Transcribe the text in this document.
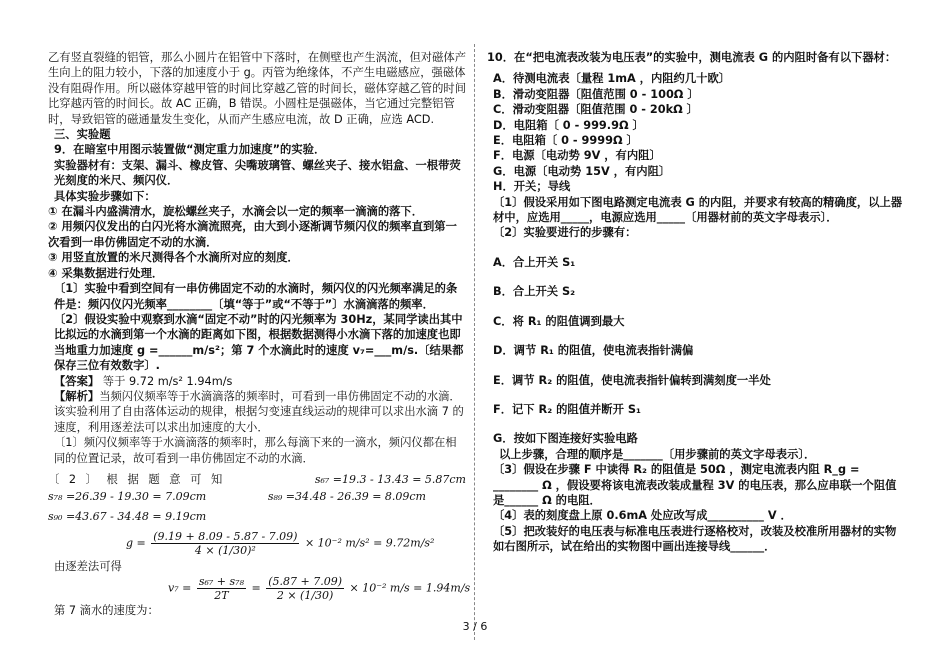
乙有竖直裂缝的铝管，那么小圆片在铝管中下落时，在侧壁也产生涡流，但对磁体产生向上的阻力较小，下落的加速度小于 g。丙管为绝缘体，不产生电磁感应，强磁体没有阻碍作用。所以磁体穿越甲管的时间比穿越乙管的时间长，磁体穿越乙管的时间比穿越丙管的时间长。故 AC 正确，B 错误。小圆柱是强磁体，当它通过完整铝管时，导致铝管的磁通量发生变化，从而产生感应电流，故 D 正确，应选 ACD.

三、实验题

9．在暗室中用图示装置做“测定重力加速度”的实验．

实验器材有：支架、漏斗、橡皮管、尖嘴玻璃管、螺丝夹子、接水铝盒、一根带荧光刻度的米尺、频闪仪．

具体实验步骤如下：

① 在漏斗内盛满清水，旋松螺丝夹子，水滴会以一定的频率一滴滴的落下．

② 用频闪仪发出的白闪光将水滴流照亮，由大到小逐渐调节频闪仪的频率直到第一次看到一串仿佛固定不动的水滴．

③ 用竖直放置的米尺测得各个水滴所对应的刻度．

④ 采集数据进行处理．

〔1〕实验中看到空间有一串仿佛固定不动的水滴时，频闪仪的闪光频率满足的条件是：频闪仪闪光频率________〔填“等于”或“不等于”〕水滴滴落的频率．

〔2〕假设实验中观察到水滴“固定不动”时的闪光频率为 30Hz，某同学读出其中比拟远的水滴到第一个水滴的距离如下图，根据数据测得小水滴下落的加速度也即当地重力加速度 g =______m/s²；第 7 个水滴此时的速度 v₇=___m/s.〔结果都保存三位有效数字〕.

【答案】 等于 9.72 m/s² 1.94m/s

【解析】当频闪仪频率等于水滴滴落的频率时，可看到一串仿佛固定不动的水滴．该实验利用了自由落体运动的规律，根据匀变速直线运动的规律可以求出水滴 7 的速度，利用逐差法可以求出加速度的大小．

〔1〕频闪仪频率等于水滴滴落的频率时，那么每滴下来的一滴水，频闪仪都在相同的位置记录，故可看到一串仿佛固定不动的水滴．

〔 2 〕 根 据 题 意 可 知	s₆₇ =19.3 - 13.43 = 5.87cm
s₇₈ =26.39 - 19.30 = 7.09cm	s₈₉ =34.48 - 26.39 = 8.09cm
s₉₀ =43.67 - 34.48 = 9.19cm
$g = \frac{(9.19 + 8.09 - 5.87 - 7.09)}{\text{4 × (1/30)²}} \times 10^{-2}$ m/s² = 9.72m/s²

由逐差法可得

$v_7 = \frac{\text{s₆₇ + s₇₈}}{2T} = \frac{(5.87 + 7.09)}{2 \times (1/30)} \times 10^{-2}$ m/s = 1.94m/s

第 7 滴水的速度为：

10．在“把电流表改装为电压表”的实验中，测电流表 G 的内阻时备有以下器材：

A．待测电流表〔量程 1mA ，内阻约几十欧〕

B．滑动变阻器〔阻值范围 0 - 100Ω 〕

C．滑动变阻器〔阻值范围 0 - 20kΩ 〕

D．电阻箱〔 0 - 999.9Ω 〕

E．电阻箱〔 0 - 9999Ω 〕

F．电源〔电动势 9V ，有内阻〕

G．电源〔电动势 15V ，有内阻〕

H．开关；导线

〔1〕假设采用如下图电路测定电流表 G 的内阻，并要求有较高的精确度，以上器材中，应选用_____，电源应选用_____〔用器材前的英文字母表示〕．

〔2〕实验要进行的步骤有：

A．合上开关 S₁

B．合上开关 S₂

C．将 R₁ 的阻值调到最大

D．调节 R₁ 的阻值，使电流表指针满偏

E．调节 R₂ 的阻值，使电流表指针偏转到满刻度一半处

F．记下 R₂ 的阻值并断开 S₁

G．按如下图连接好实验电路

以上步骤，合理的顺序是_______〔用步骤前的英文字母表示〕．

〔3〕假设在步骤 F 中读得 R₂ 的阻值是 50Ω ，测定电流表内阻 R_g = ________ Ω ，假设要将该电流表改装成量程 3V 的电压表，那么应串联一个阻值是______ Ω 的电阻．

〔4〕表的刻度盘上原 0.6mA 处应改写成__________ V ．

〔5〕把改装好的电压表与标准电压表进行逐格校对，改装及校准所用器材的实物如右图所示，试在给出的实物图中画出连接导线______．

3 / 6
